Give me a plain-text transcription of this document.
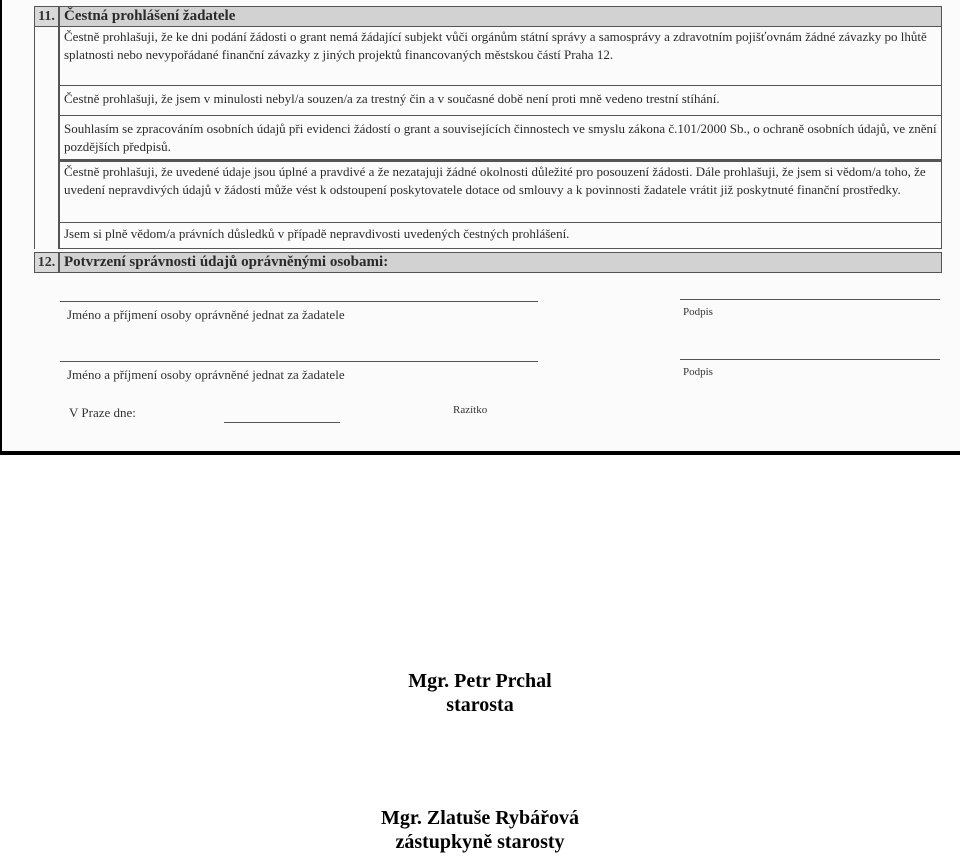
11. Čestná prohlášení žadatele
Čestně prohlašuji, že ke dni podání žádosti o grant nemá žádající subjekt vůči orgánům státní správy a samosprávy a zdravotním pojišťovnám žádné závazky po lhůtě splatnosti nebo nevypořádané finanční závazky z jiných projektů financovaných městskou částí Praha 12.
Čestně prohlašuji, že jsem v minulosti nebyl/a souzen/a za trestný čin a v současné době není proti mně vedeno trestní stíhání.
Souhlasím se zpracováním osobních údajů při evidenci žádostí o grant a souvisejících činnostech ve smyslu zákona č.101/2000 Sb., o ochraně osobních údajů, ve znění pozdějších předpisů.
Čestně prohlašuji, že uvedené údaje jsou úplné a pravdivé a že nezatajuji žádné okolnosti důležité pro posouzení žádosti. Dále prohlašuji, že jsem si vědom/a toho, že uvedení nepravdivých údajů v žádosti může vést k odstoupení poskytovatele dotace od smlouvy a k povinnosti žadatele vrátit již poskytnuté finanční prostředky.
Jsem si plně vědom/a právních důsledků v případě nepravdivosti uvedených čestných prohlášení.
12. Potvrzení správnosti údajů oprávněnými osobami:
Jméno a příjmení osoby oprávněné jednat za žadatele	Podpis
Jméno a příjmení osoby oprávněné jednat za žadatele	Podpis
V Praze dne:	Razítko
Mgr. Petr Prchal
starosta
Mgr. Zlatuše Rybářová
zástupkyně starosty
